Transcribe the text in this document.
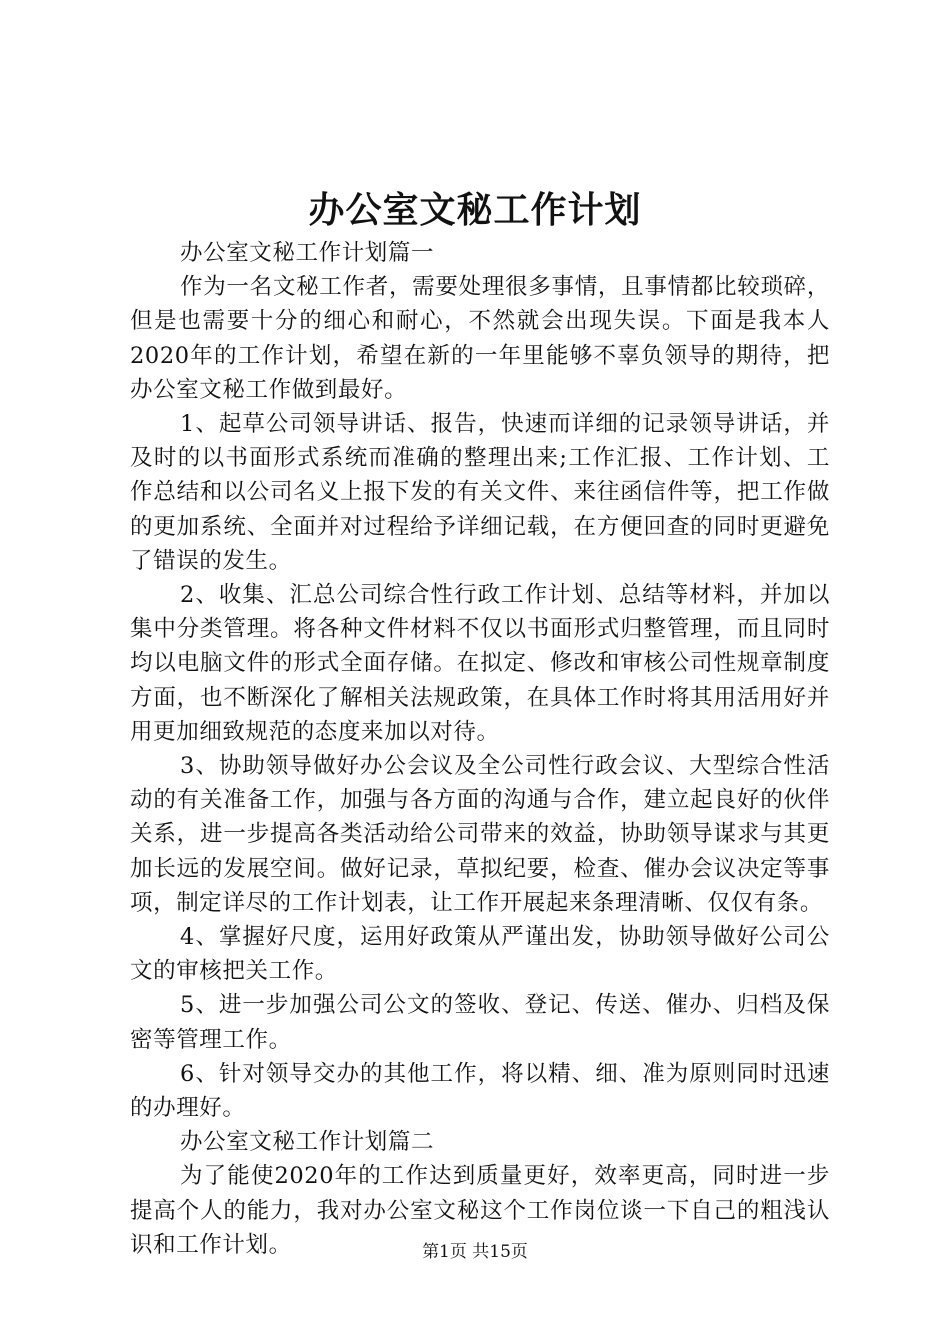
办公室文秘工作计划

办公室文秘工作计划篇一

作为一名文秘工作者，需要处理很多事情，且事情都比较琐碎，但是也需要十分的细心和耐心，不然就会出现失误。下面是我本人2020年的工作计划，希望在新的一年里能够不辜负领导的期待，把办公室文秘工作做到最好。

1、起草公司领导讲话、报告，快速而详细的记录领导讲话，并及时的以书面形式系统而准确的整理出来;工作汇报、工作计划、工作总结和以公司名义上报下发的有关文件、来往函信件等，把工作做的更加系统、全面并对过程给予详细记载，在方便回查的同时更避免了错误的发生。

2、收集、汇总公司综合性行政工作计划、总结等材料，并加以集中分类管理。将各种文件材料不仅以书面形式归整管理，而且同时均以电脑文件的形式全面存储。在拟定、修改和审核公司性规章制度方面，也不断深化了解相关法规政策，在具体工作时将其用活用好并用更加细致规范的态度来加以对待。

3、协助领导做好办公会议及全公司性行政会议、大型综合性活动的有关准备工作，加强与各方面的沟通与合作，建立起良好的伙伴关系，进一步提高各类活动给公司带来的效益，协助领导谋求与其更加长远的发展空间。做好记录，草拟纪要，检查、催办会议决定等事项，制定详尽的工作计划表，让工作开展起来条理清晰、仅仅有条。

4、掌握好尺度，运用好政策从严谨出发，协助领导做好公司公文的审核把关工作。

5、进一步加强公司公文的签收、登记、传送、催办、归档及保密等管理工作。

6、针对领导交办的其他工作，将以精、细、准为原则同时迅速的办理好。

办公室文秘工作计划篇二

为了能使2020年的工作达到质量更好，效率更高，同时进一步提高个人的能力，我对办公室文秘这个工作岗位谈一下自己的粗浅认识和工作计划。	第1页 共15页
